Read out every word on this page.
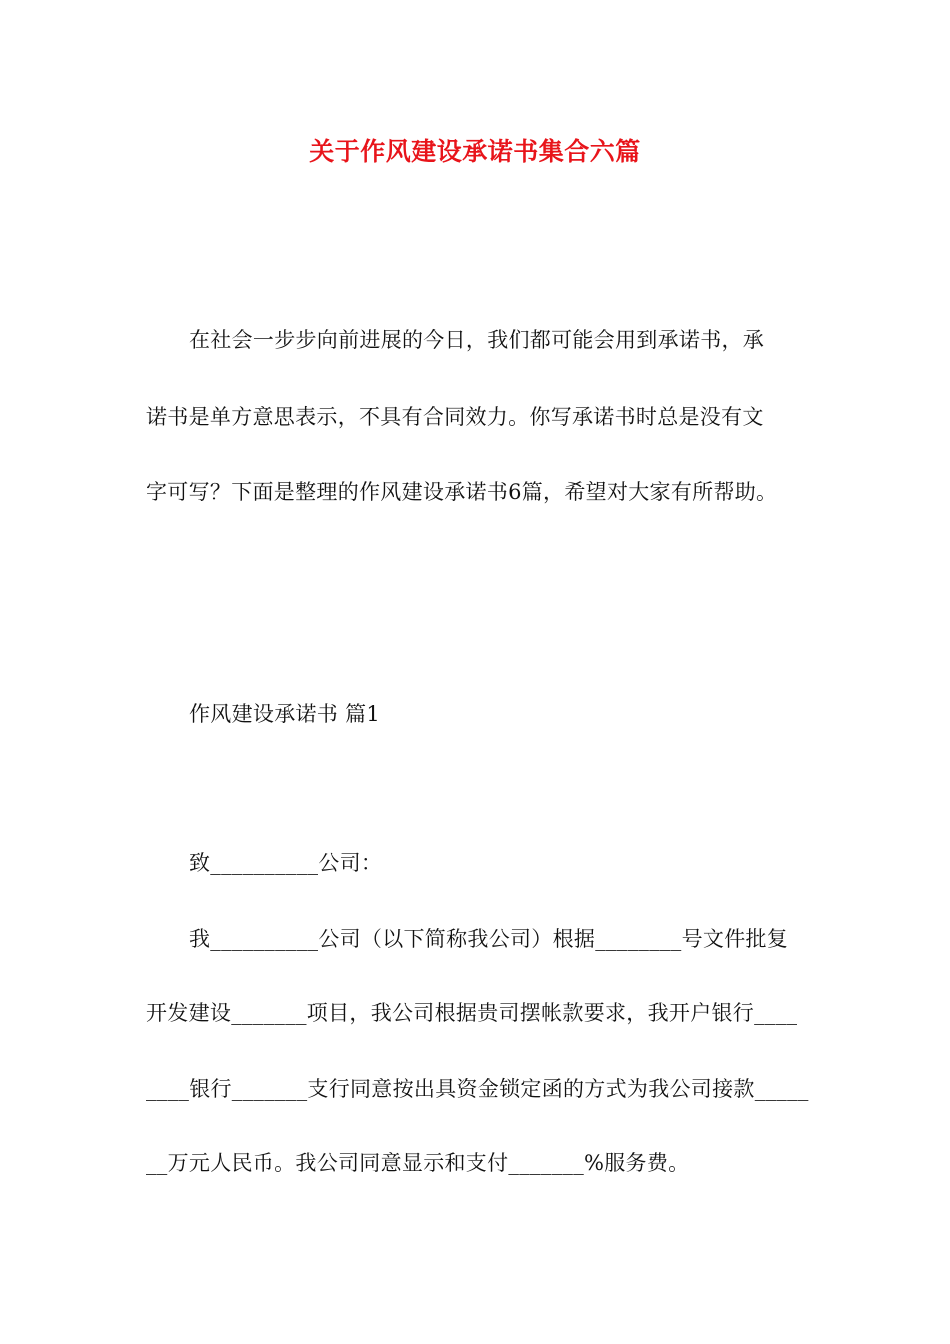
关于作风建设承诺书集合六篇
在社会一步步向前进展的今日，我们都可能会用到承诺书，承
诺书是单方意思表示，不具有合同效力。你写承诺书时总是没有文
字可写？下面是整理的作风建设承诺书6篇，希望对大家有所帮助。
作风建设承诺书 篇1
致__________公司：
我__________公司（以下简称我公司）根据________号文件批复
开发建设_______项目，我公司根据贵司摆帐款要求，我开户银行____
____银行_______支行同意按出具资金锁定函的方式为我公司接款_____
__万元人民币。我公司同意显示和支付_______%服务费。
